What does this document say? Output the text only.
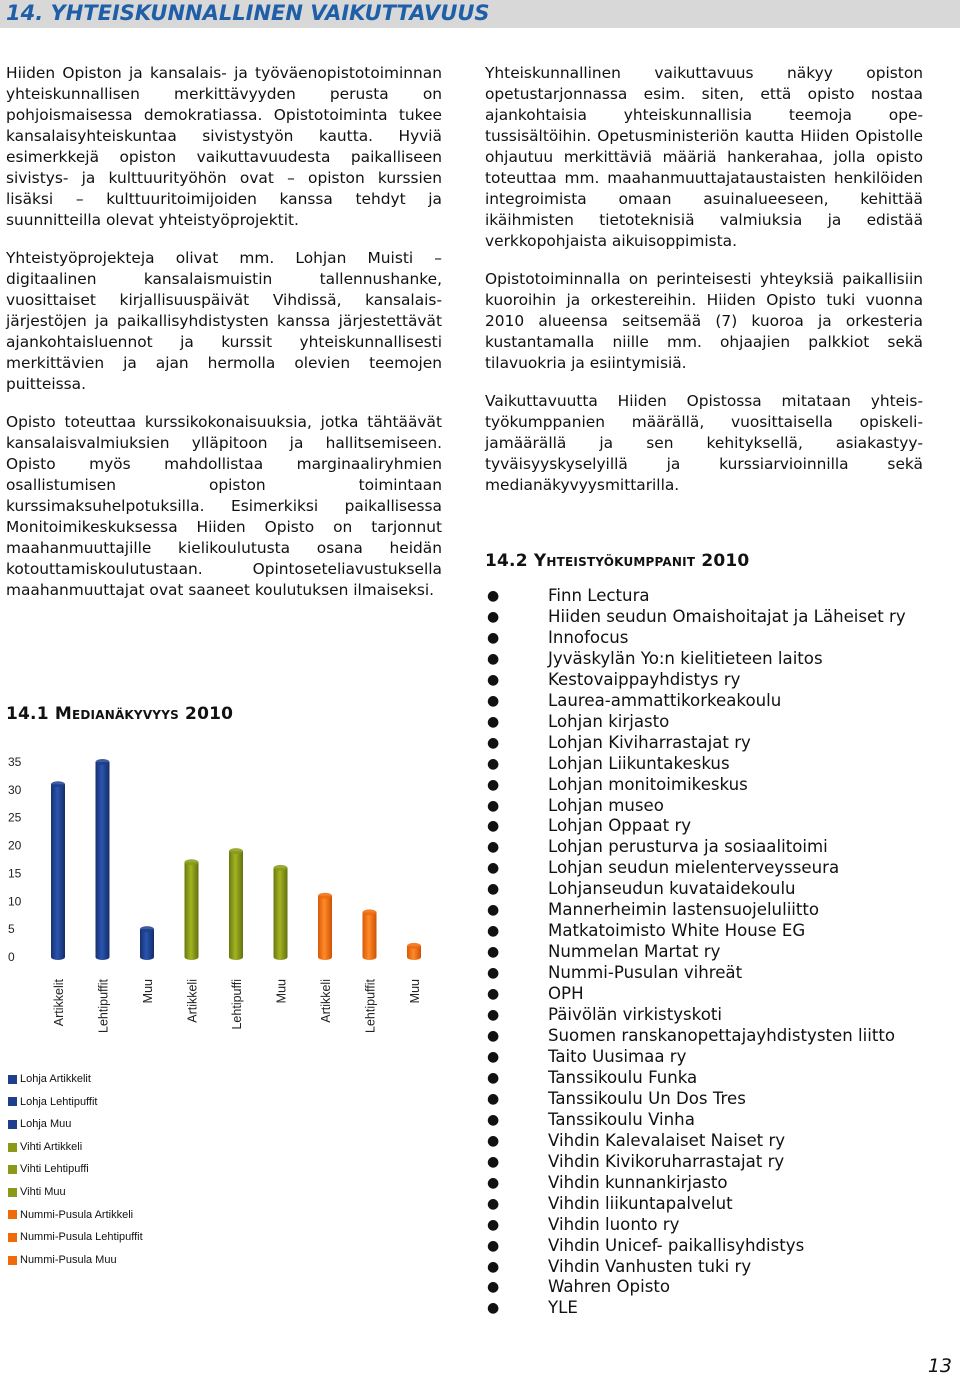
14. YHTEISKUNNALLINEN VAIKUTTAVUUS

Hiiden Opiston ja kansalais- ja työväenopistotoiminnan yhteiskunnallisen merkittävyyden perusta on pohjoismaisessa demokratiassa. Opistotoiminta tukee kansalaisyhteiskuntaa sivistystyön kautta. Hyviä esimerkkejä opiston vaikuttavuudesta paikalliseen sivistys- ja kulttuurityöhön ovat – opiston kurssien lisäksi – kulttuuritoimijoiden kanssa tehdyt ja suunnitteilla olevat yhteistyöprojektit.

Yhteistyöprojekteja olivat mm. Lohjan Muisti –digitaalinen kansalaismuistin tallennushanke, vuosittaiset kirjallisuuspäivät Vihdissä, kansalaisjärjestöjen ja paikallisyhdistysten kanssa järjestettävät ajankohtaisluennot ja kurssit yhteiskunnallisesti merkittävien ja ajan hermolla olevien teemojen puitteissa.

Opisto toteuttaa kurssikokonaisuuksia, jotka tähtäävät kansalaisvalmiuksien ylläpitoon ja hallitsemiseen. Opisto myös mahdollistaa marginaaliryhmien osallistumisen opiston toimintaan kurssimaksuhelpotuksilla. Esimerkiksi paikallisessa Monitoimikeskuksessa Hiiden Opisto on tarjonnut maahanmuuttajille kielikoulutusta osana heidän kotouttamiskoulutustaan. Opintoseteliavustuksella maahanmuuttajat ovat saaneet koulutuksen ilmaiseksi.

14.1 Medianäkyvyys 2010
0
5
10
15
20
25
30
35
Artikkelit Lehtipuffit Muu Artikkeli Lehtipuffi Muu Artikkeli Lehtipuffit Muu
Lohja Artikkelit
Lohja Lehtipuffit
Lohja Muu
Vihti Artikkeli
Vihti Lehtipuffi
Vihti Muu
Nummi-Pusula Artikkeli
Nummi-Pusula Lehtipuffit
Nummi-Pusula Muu

Yhteiskunnallinen vaikuttavuus näkyy opiston opetustarjonnassa esim. siten, että opisto nostaa ajankohtaisia yhteiskunnallisia teemoja opetussisältöihin. Opetusministeriön kautta Hiiden Opistolle ohjautuu merkittäviä määriä hankerahaa, jolla opisto toteuttaa mm. maahanmuuttajataustaisten henkilöiden integroimista omaan asuinalueeseen, kehittää ikäihmisten tietoteknisiä valmiuksia ja edistää verkkopohjaista aikuisoppimista.

Opistotoiminnalla on perinteisesti yhteyksiä paikallisiin kuoroihin ja orkestereihin. Hiiden Opisto tuki vuonna 2010 alueensa seitsemää (7) kuoroa ja orkesteria kustantamalla niille mm. ohjaajien palkkiot sekä tilavuokria ja esiintymisiä.

Vaikuttavuutta Hiiden Opistossa mitataan yhteistyökumppanien määrällä, vuosittaisella opiskelijamäärällä ja sen kehityksellä, asiakastyytyväisyyskyselyillä ja kurssiarvioinnilla sekä medianäkyvyysmittarilla.

14.2 Yhteistyökumppanit 2010
●	Finn Lectura
●	Hiiden seudun Omaishoitajat ja Läheiset ry
●	Innofocus
●	Jyväskylän Yo:n kielitieteen laitos
●	Kestovaippayhdistys ry
●	Laurea-ammattikorkeakoulu
●	Lohjan kirjasto
●	Lohjan Kiviharrastajat ry
●	Lohjan Liikuntakeskus
●	Lohjan monitoimikeskus
●	Lohjan museo
●	Lohjan Oppaat ry
●	Lohjan perusturva ja sosiaalitoimi
●	Lohjan seudun mielenterveysseura
●	Lohjanseudun kuvataidekoulu
●	Mannerheimin lastensuojeluliitto
●	Matkatoimisto White House EG
●	Nummelan Martat ry
●	Nummi-Pusulan vihreät
●	OPH
●	Päivölän virkistyskoti
●	Suomen ranskanopettajayhdistysten liitto
●	Taito Uusimaa ry
●	Tanssikoulu Funka
●	Tanssikoulu Un Dos Tres
●	Tanssikoulu Vinha
●	Vihdin Kalevalaiset Naiset ry
●	Vihdin Kivikoruharrastajat ry
●	Vihdin kunnankirjasto
●	Vihdin liikuntapalvelut
●	Vihdin luonto ry
●	Vihdin Unicef- paikallisyhdistys
●	Vihdin Vanhusten tuki ry
●	Wahren Opisto
●	YLE
13
